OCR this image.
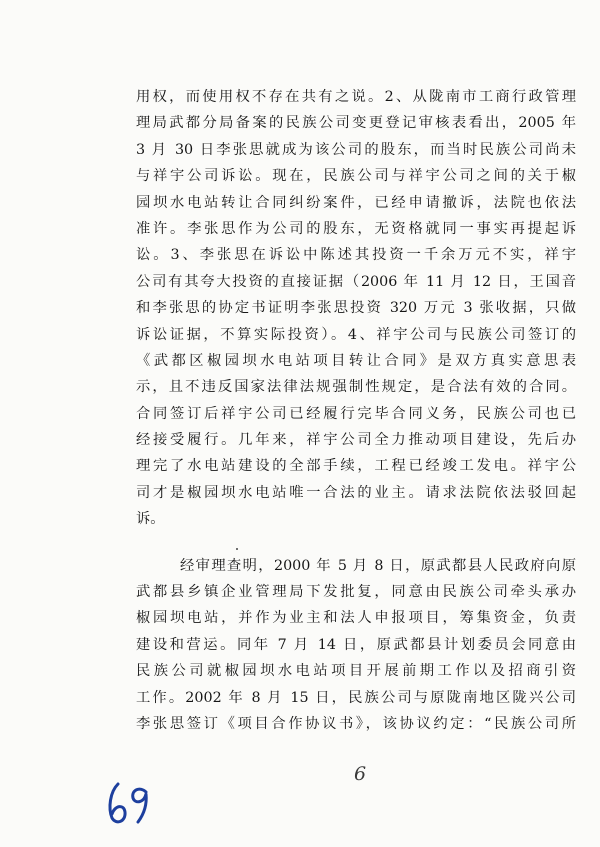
用权，而使用权不存在共有之说。2、从陇南市工商行政管理
理局武都分局备案的民族公司变更登记审核表看出，2005 年
3 月 30 日李张思就成为该公司的股东，而当时民族公司尚未
与祥宇公司诉讼。现在，民族公司与祥宇公司之间的关于椒
园坝水电站转让合同纠纷案件，已经申请撤诉，法院也依法
准许。李张思作为公司的股东，无资格就同一事实再提起诉
讼。3、李张思在诉讼中陈述其投资一千余万元不实，祥宇
公司有其夸大投资的直接证据（2006 年 11 月 12 日，王国音
和李张思的协定书证明李张思投资 320 万元 3 张收据，只做
诉讼证据，不算实际投资）。4、祥宇公司与民族公司签订的
《武都区椒园坝水电站项目转让合同》是双方真实意思表
示，且不违反国家法律法规强制性规定，是合法有效的合同。
合同签订后祥宇公司已经履行完毕合同义务，民族公司也已
经接受履行。几年来，祥宇公司全力推动项目建设，先后办
理完了水电站建设的全部手续，工程已经竣工发电。祥宇公
司才是椒园坝水电站唯一合法的业主。请求法院依法驳回起
诉。
经审理查明，2000 年 5 月 8 日，原武都县人民政府向原
武都县乡镇企业管理局下发批复，同意由民族公司牵头承办
椒园坝电站，并作为业主和法人申报项目，筹集资金，负责
建设和营运。同年 7 月 14 日，原武都县计划委员会同意由
民族公司就椒园坝水电站项目开展前期工作以及招商引资
工作。2002 年 8 月 15 日，民族公司与原陇南地区陇兴公司
李张思签订《项目合作协议书》，该协议约定：“民族公司所
6
